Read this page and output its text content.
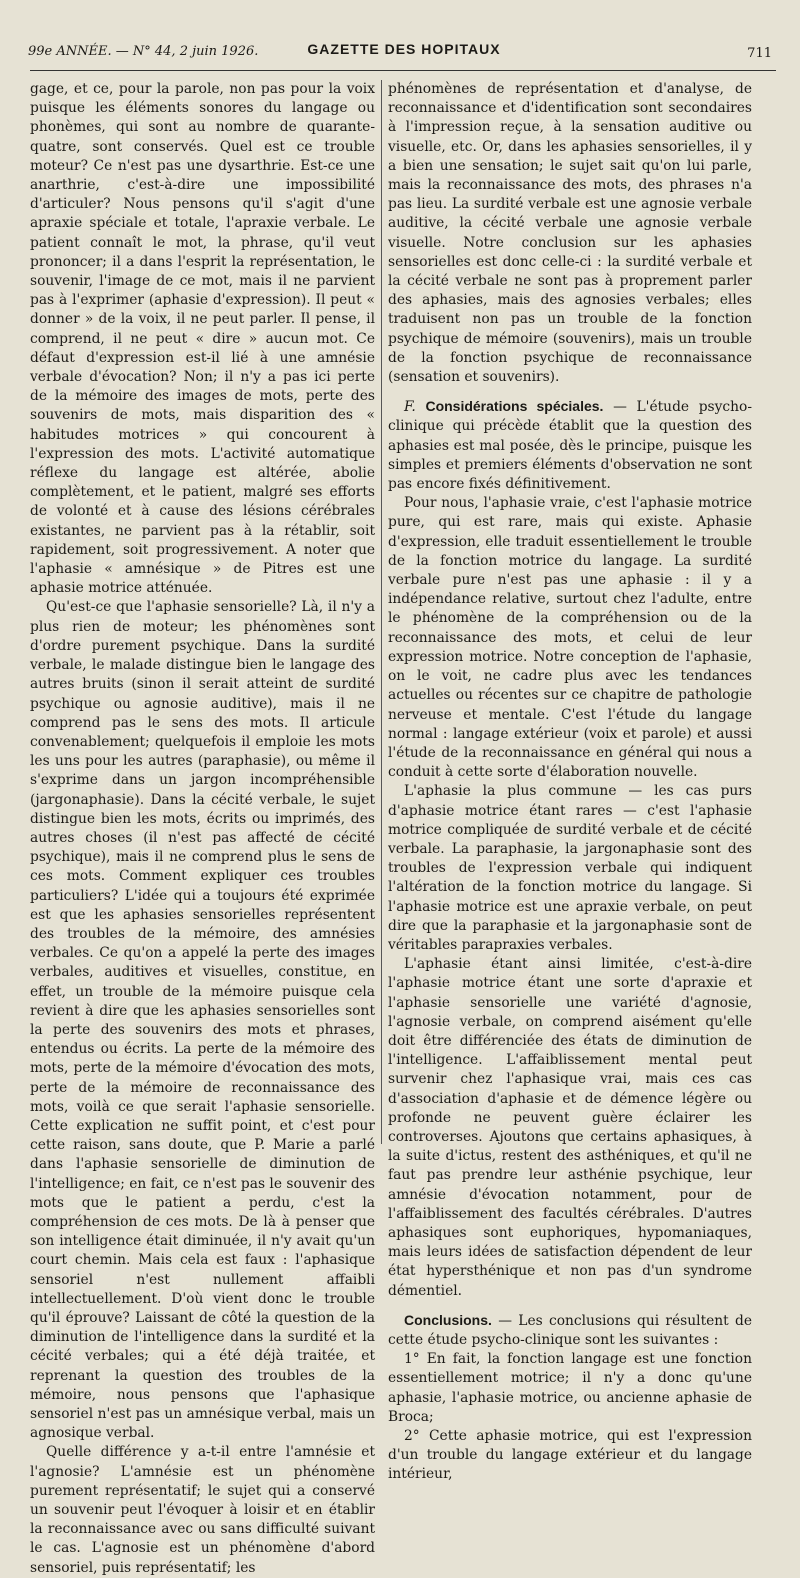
99e ANNÉE. — N° 44, 2 juin 1926.	GAZETTE DES HOPITAUX	711

gage, et ce, pour la parole, non pas pour la voix puisque les éléments sonores du langage ou phonèmes, qui sont au nombre de quarante-quatre, sont conservés. Quel est ce trouble moteur? Ce n'est pas une dysarthrie. Est-ce une anarthrie, c'est-à-dire une impossibilité d'articuler? Nous pensons qu'il s'agit d'une apraxie spéciale et totale, l'apraxie verbale. Le patient connaît le mot, la phrase, qu'il veut prononcer; il a dans l'esprit la représentation, le souvenir, l'image de ce mot, mais il ne parvient pas à l'exprimer (aphasie d'expression). Il peut « donner » de la voix, il ne peut parler. Il pense, il comprend, il ne peut « dire » aucun mot. Ce défaut d'expression est-il lié à une amnésie verbale d'évocation? Non; il n'y a pas ici perte de la mémoire des images de mots, perte des souvenirs de mots, mais disparition des « habitudes motrices » qui concourent à l'expression des mots. L'activité automatique réflexe du langage est altérée, abolie complètement, et le patient, malgré ses efforts de volonté et à cause des lésions cérébrales existantes, ne parvient pas à la rétablir, soit rapidement, soit progressivement. A noter que l'aphasie « amnésique » de Pitres est une aphasie motrice atténuée.

Qu'est-ce que l'aphasie sensorielle? Là, il n'y a plus rien de moteur; les phénomènes sont d'ordre purement psychique. Dans la surdité verbale, le malade distingue bien le langage des autres bruits (sinon il serait atteint de surdité psychique ou agnosie auditive), mais il ne comprend pas le sens des mots. Il articule convenablement; quelquefois il emploie les mots les uns pour les autres (paraphasie), ou même il s'exprime dans un jargon incompréhensible (jargonaphasie). Dans la cécité verbale, le sujet distingue bien les mots, écrits ou imprimés, des autres choses (il n'est pas affecté de cécité psychique), mais il ne comprend plus le sens de ces mots. Comment expliquer ces troubles particuliers? L'idée qui a toujours été exprimée est que les aphasies sensorielles représentent des troubles de la mémoire, des amnésies verbales. Ce qu'on a appelé la perte des images verbales, auditives et visuelles, constitue, en effet, un trouble de la mémoire puisque cela revient à dire que les aphasies sensorielles sont la perte des souvenirs des mots et phrases, entendus ou écrits. La perte de la mémoire des mots, perte de la mémoire d'évocation des mots, perte de la mémoire de reconnaissance des mots, voilà ce que serait l'aphasie sensorielle. Cette explication ne suffit point, et c'est pour cette raison, sans doute, que P. Marie a parlé dans l'aphasie sensorielle de diminution de l'intelligence; en fait, ce n'est pas le souvenir des mots que le patient a perdu, c'est la compréhension de ces mots. De là à penser que son intelligence était diminuée, il n'y avait qu'un court chemin. Mais cela est faux : l'aphasique sensoriel n'est nullement affaibli intellectuellement. D'où vient donc le trouble qu'il éprouve? Laissant de côté la question de la diminution de l'intelligence dans la surdité et la cécité verbales; qui a été déjà traitée, et reprenant la question des troubles de la mémoire, nous pensons que l'aphasique sensoriel n'est pas un amnésique verbal, mais un agnosique verbal.

Quelle différence y a-t-il entre l'amnésie et l'agnosie? L'amnésie est un phénomène purement représentatif; le sujet qui a conservé un souvenir peut l'évoquer à loisir et en établir la reconnaissance avec ou sans difficulté suivant le cas. L'agnosie est un phénomène d'abord sensoriel, puis représentatif; les

phénomènes de représentation et d'analyse, de reconnaissance et d'identification sont secondaires à l'impression reçue, à la sensation auditive ou visuelle, etc. Or, dans les aphasies sensorielles, il y a bien une sensation; le sujet sait qu'on lui parle, mais la reconnaissance des mots, des phrases n'a pas lieu. La surdité verbale est une agnosie verbale auditive, la cécité verbale une agnosie verbale visuelle. Notre conclusion sur les aphasies sensorielles est donc celle-ci : la surdité verbale et la cécité verbale ne sont pas à proprement parler des aphasies, mais des agnosies verbales; elles traduisent non pas un trouble de la fonction psychique de mémoire (souvenirs), mais un trouble de la fonction psychique de reconnaissance (sensation et souvenirs).

F. Considérations spéciales. — L'étude psycho-clinique qui précède établit que la question des aphasies est mal posée, dès le principe, puisque les simples et premiers éléments d'observation ne sont pas encore fixés définitivement.

Pour nous, l'aphasie vraie, c'est l'aphasie motrice pure, qui est rare, mais qui existe. Aphasie d'expression, elle traduit essentiellement le trouble de la fonction motrice du langage. La surdité verbale pure n'est pas une aphasie : il y a indépendance relative, surtout chez l'adulte, entre le phénomène de la compréhension ou de la reconnaissance des mots, et celui de leur expression motrice. Notre conception de l'aphasie, on le voit, ne cadre plus avec les tendances actuelles ou récentes sur ce chapitre de pathologie nerveuse et mentale. C'est l'étude du langage normal : langage extérieur (voix et parole) et aussi l'étude de la reconnaissance en général qui nous a conduit à cette sorte d'élaboration nouvelle.

L'aphasie la plus commune — les cas purs d'aphasie motrice étant rares — c'est l'aphasie motrice compliquée de surdité verbale et de cécité verbale. La paraphasie, la jargonaphasie sont des troubles de l'expression verbale qui indiquent l'altération de la fonction motrice du langage. Si l'aphasie motrice est une apraxie verbale, on peut dire que la paraphasie et la jargonaphasie sont de véritables parapraxies verbales.

L'aphasie étant ainsi limitée, c'est-à-dire l'aphasie motrice étant une sorte d'apraxie et l'aphasie sensorielle une variété d'agnosie, l'agnosie verbale, on comprend aisément qu'elle doit être différenciée des états de diminution de l'intelligence. L'affaiblissement mental peut survenir chez l'aphasique vrai, mais ces cas d'association d'aphasie et de démence légère ou profonde ne peuvent guère éclairer les controverses. Ajoutons que certains aphasiques, à la suite d'ictus, restent des asthéniques, et qu'il ne faut pas prendre leur asthénie psychique, leur amnésie d'évocation notamment, pour de l'affaiblissement des facultés cérébrales. D'autres aphasiques sont euphoriques, hypomaniaques, mais leurs idées de satisfaction dépendent de leur état hypersthénique et non pas d'un syndrome démentiel.

Conclusions. — Les conclusions qui résultent de cette étude psycho-clinique sont les suivantes :

1° En fait, la fonction langage est une fonction essentiellement motrice; il n'y a donc qu'une aphasie, l'aphasie motrice, ou ancienne aphasie de Broca;

2° Cette aphasie motrice, qui est l'expression d'un trouble du langage extérieur et du langage intérieur,
